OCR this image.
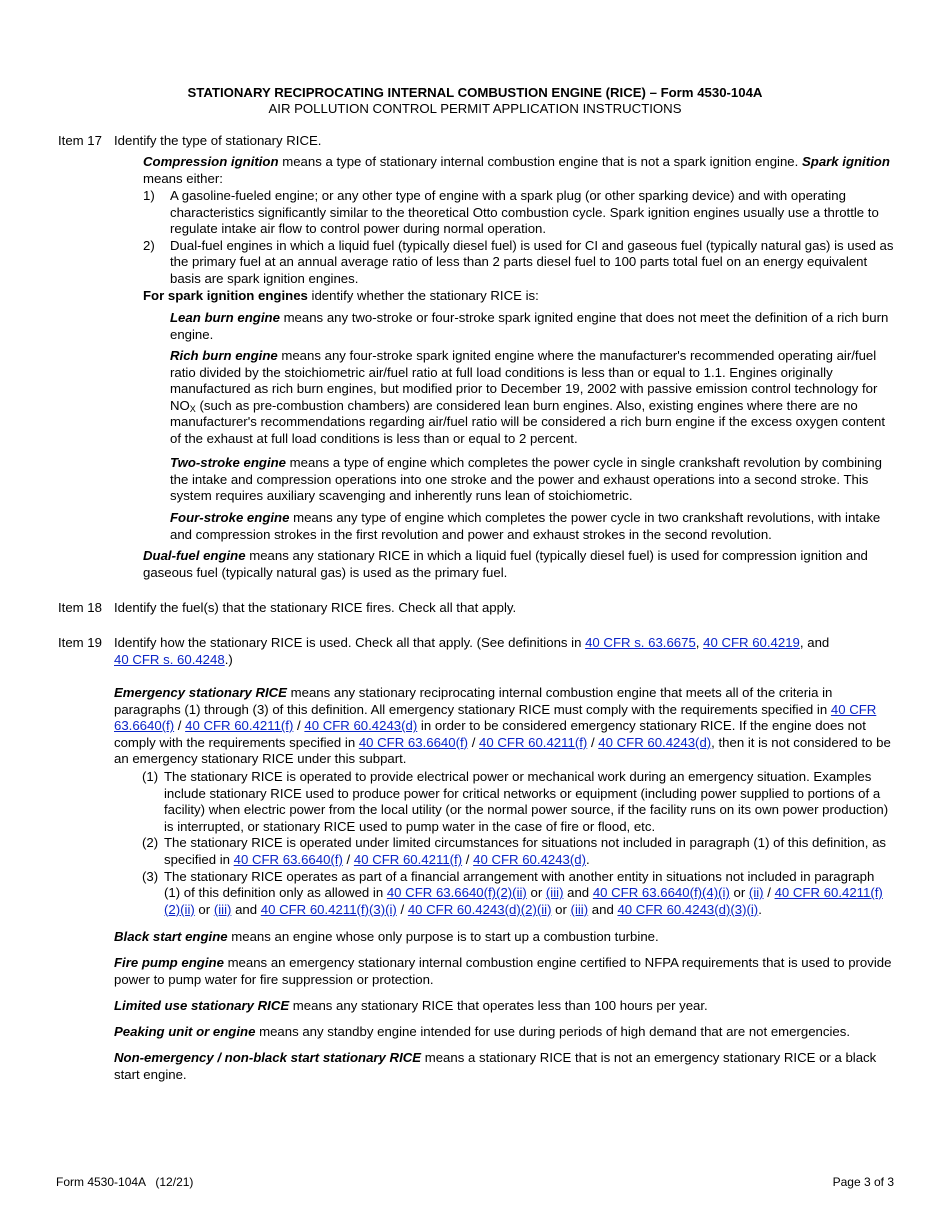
STATIONARY RECIPROCATING INTERNAL COMBUSTION ENGINE (RICE) – Form 4530-104A
AIR POLLUTION CONTROL PERMIT APPLICATION INSTRUCTIONS
Item 17 Identify the type of stationary RICE.

Compression ignition means a type of stationary internal combustion engine that is not a spark ignition engine. Spark ignition means either:

1)	A gasoline-fueled engine; or any other type of engine with a spark plug (or other sparking device) and with operating characteristics significantly similar to the theoretical Otto combustion cycle. Spark ignition engines usually use a throttle to regulate intake air flow to control power during normal operation.
2)	Dual-fuel engines in which a liquid fuel (typically diesel fuel) is used for CI and gaseous fuel (typically natural gas) is used as the primary fuel at an annual average ratio of less than 2 parts diesel fuel to 100 parts total fuel on an energy equivalent basis are spark ignition engines.

For spark ignition engines identify whether the stationary RICE is:

Lean burn engine means any two-stroke or four-stroke spark ignited engine that does not meet the definition of a rich burn engine.

Rich burn engine means any four-stroke spark ignited engine where the manufacturer's recommended operating air/fuel ratio divided by the stoichiometric air/fuel ratio at full load conditions is less than or equal to 1.1. Engines originally manufactured as rich burn engines, but modified prior to December 19, 2002 with passive emission control technology for $NO_X$ (such as pre-combustion chambers) are considered lean burn engines. Also, existing engines where there are no manufacturer's recommendations regarding air/fuel ratio will be considered a rich burn engine if the excess oxygen content of the exhaust at full load conditions is less than or equal to 2 percent.

Two-stroke engine means a type of engine which completes the power cycle in single crankshaft revolution by combining the intake and compression operations into one stroke and the power and exhaust operations into a second stroke. This system requires auxiliary scavenging and inherently runs lean of stoichiometric.

Four-stroke engine means any type of engine which completes the power cycle in two crankshaft revolutions, with intake and compression strokes in the first revolution and power and exhaust strokes in the second revolution.

Dual-fuel engine means any stationary RICE in which a liquid fuel (typically diesel fuel) is used for compression ignition and gaseous fuel (typically natural gas) is used as the primary fuel.

Item 18 Identify the fuel(s) that the stationary RICE fires. Check all that apply.
Item 19 Identify how the stationary RICE is used. Check all that apply. (See definitions in 40 CFR s. 63.6675, 40 CFR 60.4219, and
40 CFR s. 60.4248.)

Emergency stationary RICE means any stationary reciprocating internal combustion engine that meets all of the criteria in paragraphs (1) through (3) of this definition. All emergency stationary RICE must comply with the requirements specified in 40 CFR 63.6640(f) / 40 CFR 60.4211(f) / 40 CFR 60.4243(d) in order to be considered emergency stationary RICE. If the engine does not comply with the requirements specified in 40 CFR 63.6640(f) / 40 CFR 60.4211(f) / 40 CFR 60.4243(d), then it is not considered to be an emergency stationary RICE under this subpart.

(1) The stationary RICE is operated to provide electrical power or mechanical work during an emergency situation. Examples include stationary RICE used to produce power for critical networks or equipment (including power supplied to portions of a facility) when electric power from the local utility (or the normal power source, if the facility runs on its own power production) is interrupted, or stationary RICE used to pump water in the case of fire or flood, etc.
(2) The stationary RICE is operated under limited circumstances for situations not included in paragraph (1) of this definition, as specified in 40 CFR 63.6640(f) / 40 CFR 60.4211(f) / 40 CFR 60.4243(d).
(3) The stationary RICE operates as part of a financial arrangement with another entity in situations not included in paragraph (1) of this definition only as allowed in 40 CFR 63.6640(f)(2)(ii) or (iii) and 40 CFR 63.6640(f)(4)(i) or (ii) / 40 CFR 60.4211(f)(2)(ii) or (iii) and 40 CFR 60.4211(f)(3)(i) / 40 CFR 60.4243(d)(2)(ii) or (iii) and 40 CFR 60.4243(d)(3)(i).

Black start engine means an engine whose only purpose is to start up a combustion turbine.

Fire pump engine means an emergency stationary internal combustion engine certified to NFPA requirements that is used to provide power to pump water for fire suppression or protection.

Limited use stationary RICE means any stationary RICE that operates less than 100 hours per year.

Peaking unit or engine means any standby engine intended for use during periods of high demand that are not emergencies.

Non-emergency / non-black start stationary RICE means a stationary RICE that is not an emergency stationary RICE or a black start engine.

Form 4530-104A   (12/21)	Page 3 of 3
